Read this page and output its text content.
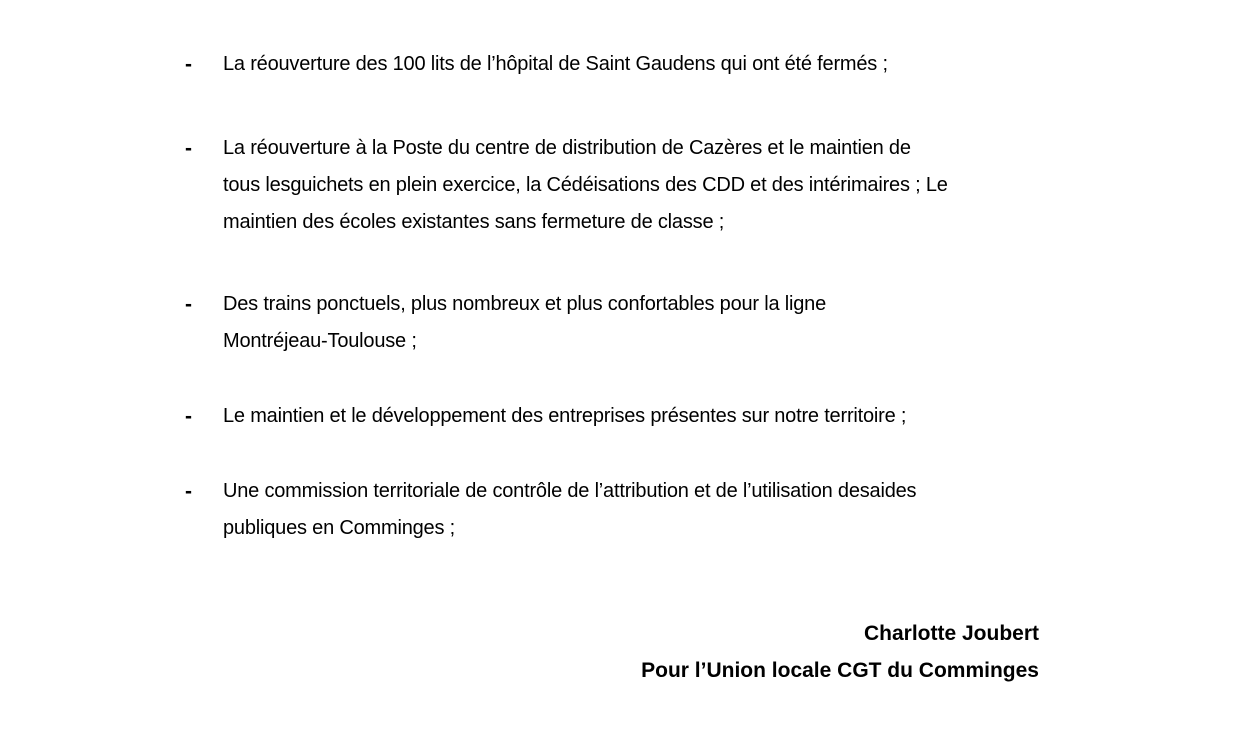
- La réouverture des 100 lits de l’hôpital de Saint Gaudens qui ont été fermés ;
- La réouverture à la Poste du centre de distribution de Cazères et le maintien de
tous lesguichets en plein exercice, la Cédéisations des CDD et des intérimaires ; Le
maintien des écoles existantes sans fermeture de classe ;
- Des trains ponctuels, plus nombreux et plus confortables pour la ligne
Montréjeau-Toulouse ;
- Le maintien et le développement des entreprises présentes sur notre territoire ;
- Une commission territoriale de contrôle de l’attribution et de l’utilisation desaides
publiques en Comminges ;
Charlotte Joubert
Pour l’Union locale CGT du Comminges
